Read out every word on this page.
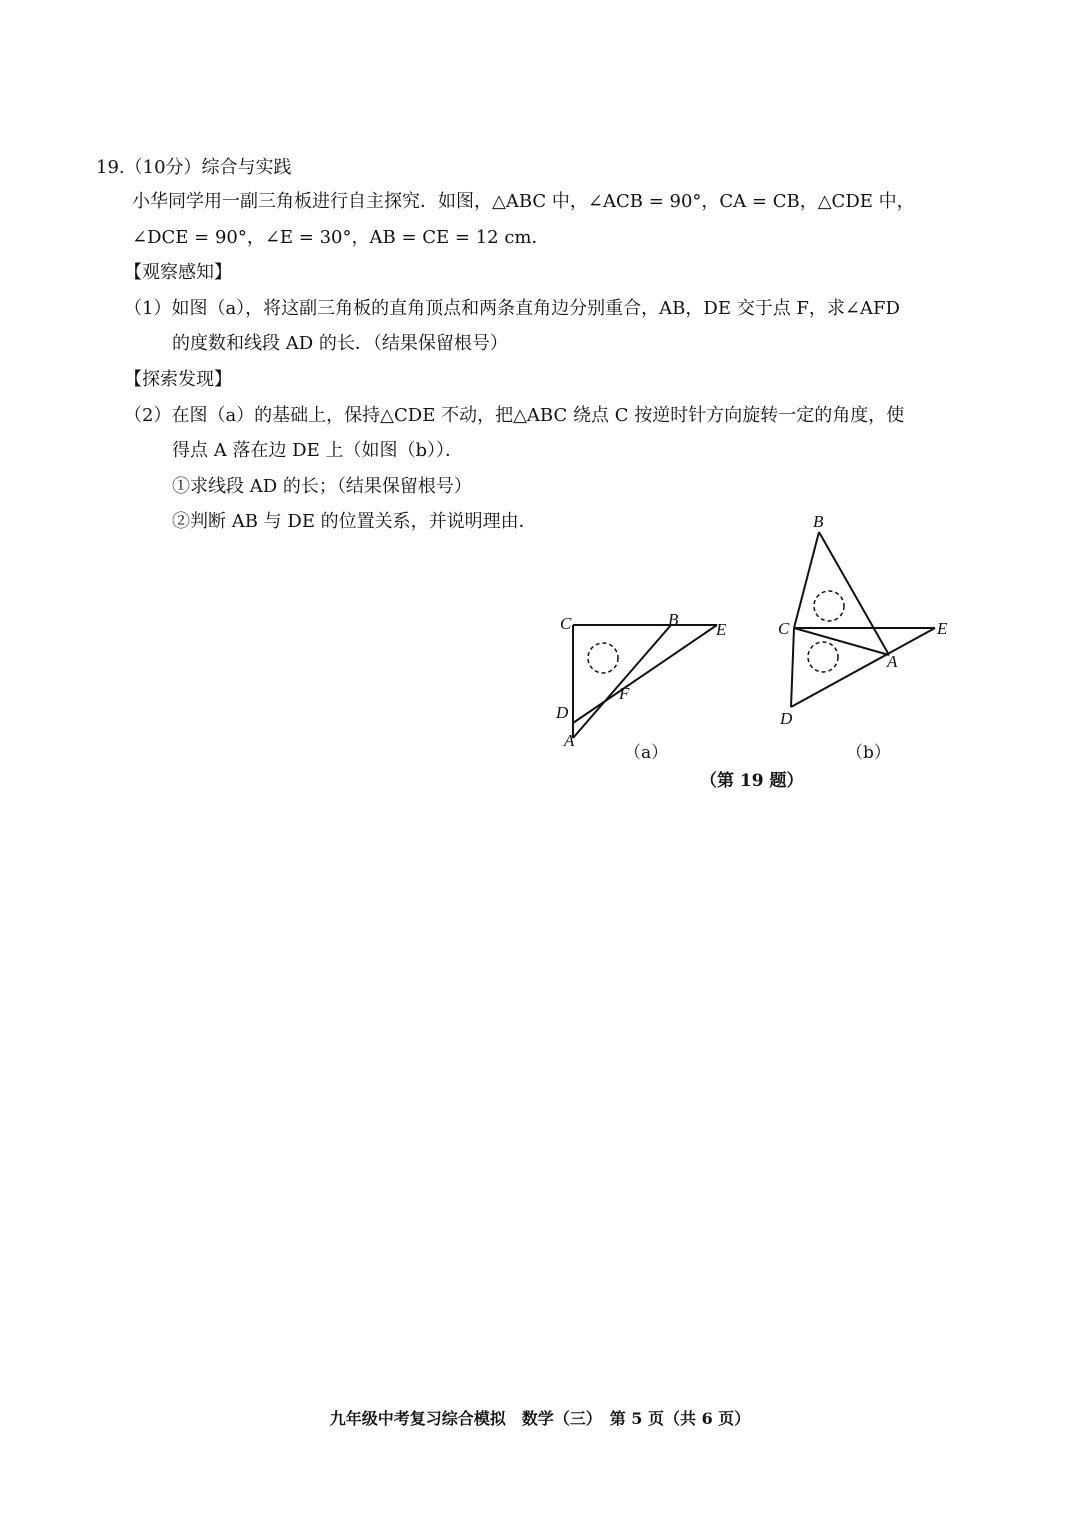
19.（10分）综合与实践
小华同学用一副三角板进行自主探究．如图，△ABC 中，∠ACB = 90°，CA = CB，△CDE 中，
∠DCE = 90°，∠E = 30°，AB = CE = 12 cm．
【观察感知】
（1）如图（a），将这副三角板的直角顶点和两条直角边分别重合，AB，DE 交于点 F，求∠AFD
的度数和线段 AD 的长．（结果保留根号）
【探索发现】
（2）在图（a）的基础上，保持△CDE 不动，把△ABC 绕点 C 按逆时针方向旋转一定的角度，使
得点 A 落在边 DE 上（如图（b））．
①求线段 AD 的长；（结果保留根号）
②判断 AB 与 DE 的位置关系，并说明理由．
C	B
E
F
D
A
B
C	E
A
D
（a）	（b）
（第 19 题）
九年级中考复习综合模拟　数学（三）　第 5 页（共 6 页）
